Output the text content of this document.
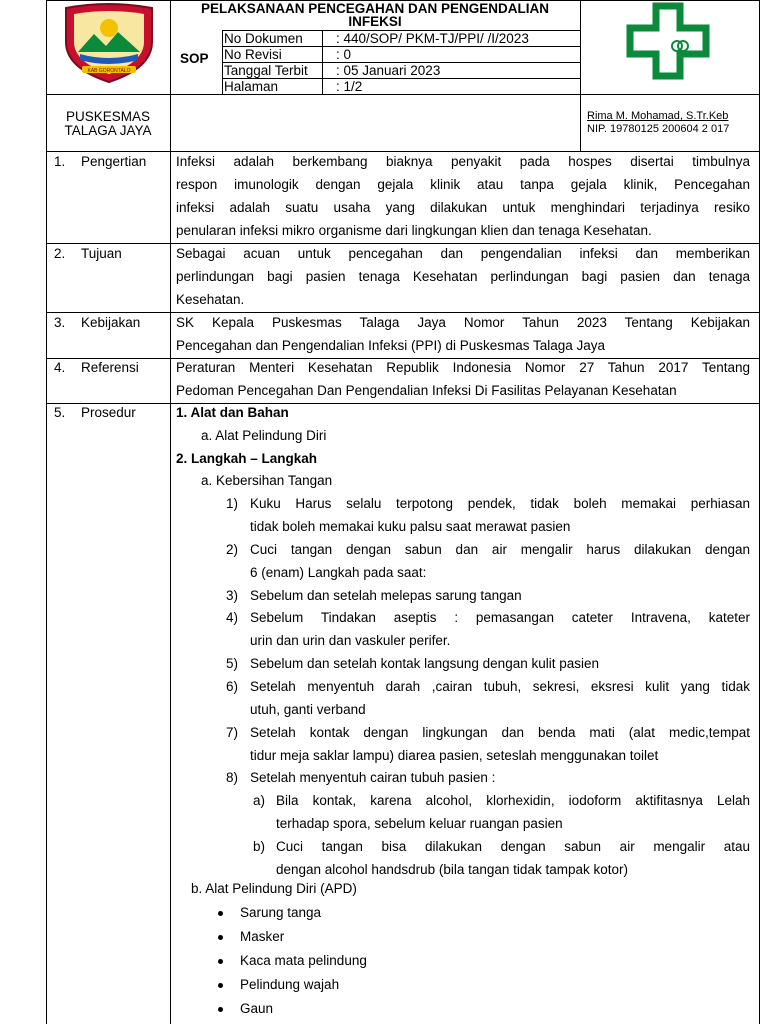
KAB GORONTALO
PELAKSANAAN PENCEGAHAN DAN PENGENDALIAN
INFEKSI
SOP
No Dokumen : 440/SOP/ PKM-TJ/PPI/ /I/2023
No Revisi	: 0
Tanggal Terbit : 05 Januari 2023
Halaman	: 1/2
PUSKESMAS
TALAGA JAYA
Rima M. Mohamad, S.Tr.Keb
NIP. 19780125 200604 2 017
1. Pengertian
2. Tujuan
3. Kebijakan
4. Referensi
5. Prosedur
Infeksi adalah berkembang biaknya penyakit pada hospes disertai timbulnya
respon imunologik dengan gejala klinik atau tanpa gejala klinik, Pencegahan
infeksi adalah suatu usaha yang dilakukan untuk menghindari terjadinya resiko
penularan infeksi mikro organisme dari lingkungan klien dan tenaga Kesehatan.
Sebagai acuan untuk pencegahan dan pengendalian infeksi dan memberikan
perlindungan bagi pasien tenaga Kesehatan perlindungan bagi pasien dan tenaga
Kesehatan.
SK Kepala Puskesmas Talaga Jaya Nomor Tahun 2023 Tentang Kebijakan
Pencegahan dan Pengendalian Infeksi (PPI) di Puskesmas Talaga Jaya
Peraturan Menteri Kesehatan Republik Indonesia Nomor 27 Tahun 2017 Tentang
Pedoman Pencegahan Dan Pengendalian Infeksi Di Fasilitas Pelayanan Kesehatan
1. Alat dan Bahan
a. Alat Pelindung Diri
2. Langkah – Langkah
a. Kebersihan Tangan
1) Kuku Harus selalu terpotong pendek, tidak boleh memakai perhiasan
tidak boleh memakai kuku palsu saat merawat pasien
2) Cuci tangan dengan sabun dan air mengalir harus dilakukan dengan
6 (enam) Langkah pada saat:
3) Sebelum dan setelah melepas sarung tangan
4) Sebelum Tindakan aseptis : pemasangan cateter Intravena, kateter
urin dan urin dan vaskuler perifer.
5) Sebelum dan setelah kontak langsung dengan kulit pasien
6) Setelah menyentuh darah ,cairan tubuh, sekresi, eksresi kulit yang tidak
utuh, ganti verband
7) Setelah kontak dengan lingkungan dan benda mati (alat medic,tempat
tidur meja saklar lampu) diarea pasien, seteslah menggunakan toilet
8) Setelah menyentuh cairan tubuh pasien :
a) Bila kontak, karena alcohol, klorhexidin, iodoform aktifitasnya Lelah
terhadap spora, sebelum keluar ruangan pasien
b) Cuci tangan bisa dilakukan dengan sabun air mengalir atau
dengan alcohol handsdrub (bila tangan tidak tampak kotor)
b. Alat Pelindung Diri (APD)
Sarung tanga
Masker
Kaca mata pelindung
Pelindung wajah
Gaun
